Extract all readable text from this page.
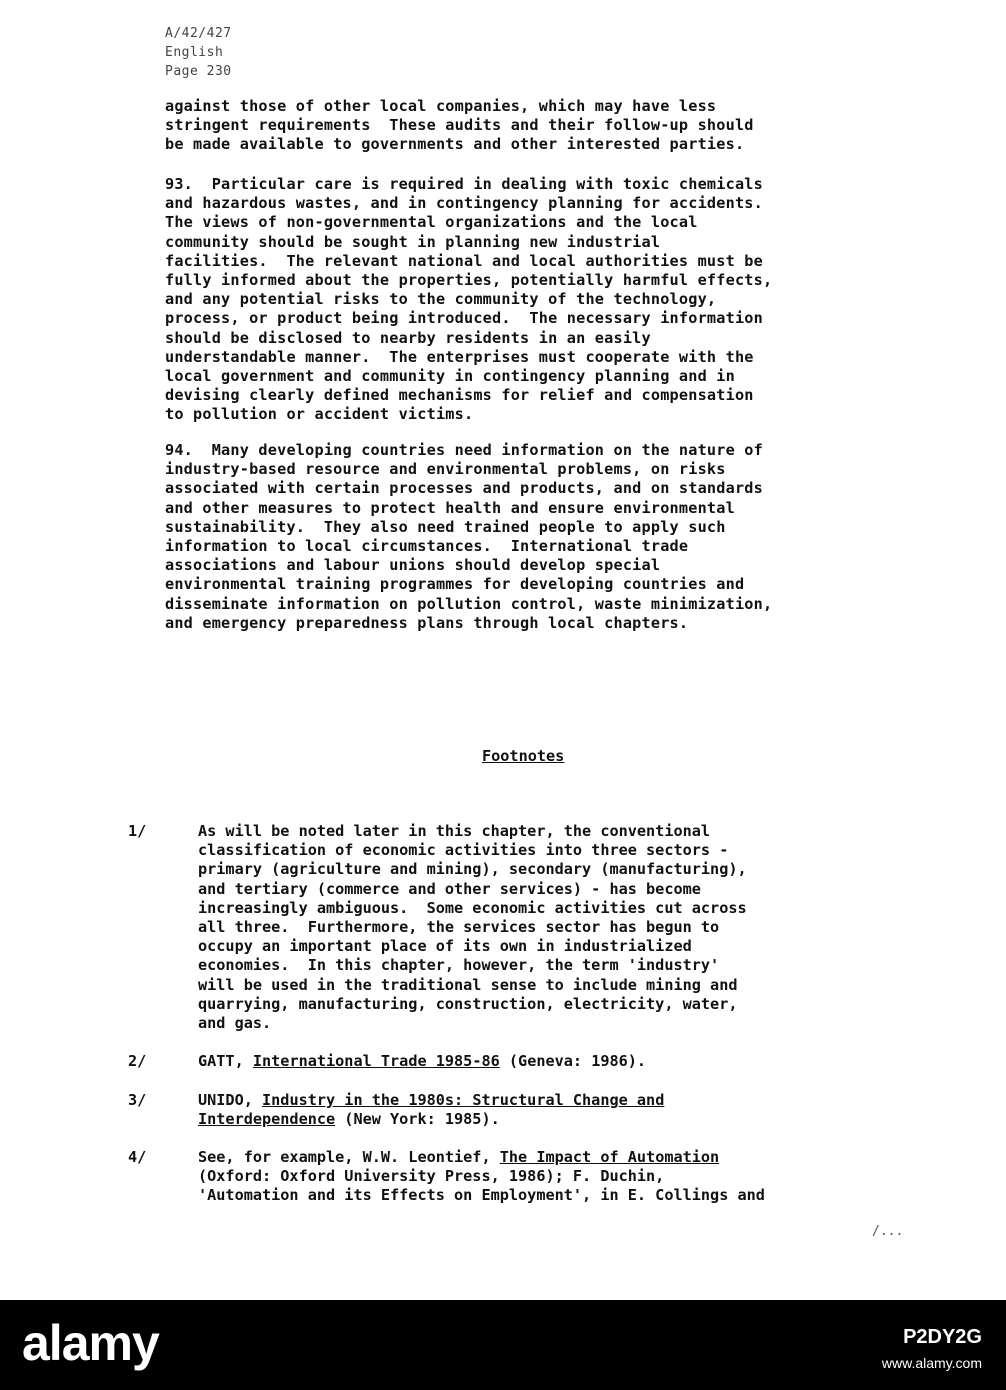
A/42/427
English
Page 230
against those of other local companies, which may have less
stringent requirements  These audits and their follow-up should
be made available to governments and other interested parties.
93.  Particular care is required in dealing with toxic chemicals
and hazardous wastes, and in contingency planning for accidents.
The views of non-governmental organizations and the local
community should be sought in planning new industrial
facilities.  The relevant national and local authorities must be
fully informed about the properties, potentially harmful effects,
and any potential risks to the community of the technology,
process, or product being introduced.  The necessary information
should be disclosed to nearby residents in an easily
understandable manner.  The enterprises must cooperate with the
local government and community in contingency planning and in
devising clearly defined mechanisms for relief and compensation
to pollution or accident victims.
94.  Many developing countries need information on the nature of
industry-based resource and environmental problems, on risks
associated with certain processes and products, and on standards
and other measures to protect health and ensure environmental
sustainability.  They also need trained people to apply such
information to local circumstances.  International trade
associations and labour unions should develop special
environmental training programmes for developing countries and
disseminate information on pollution control, waste minimization,
and emergency preparedness plans through local chapters.
Footnotes
1/	As will be noted later in this chapter, the conventional
classification of economic activities into three sectors -
primary (agriculture and mining), secondary (manufacturing),
and tertiary (commerce and other services) - has become
increasingly ambiguous.  Some economic activities cut across
all three.  Furthermore, the services sector has begun to
occupy an important place of its own in industrialized
economies.  In this chapter, however, the term 'industry'
will be used in the traditional sense to include mining and
quarrying, manufacturing, construction, electricity, water,
and gas.
2/	GATT, International Trade 1985-86 (Geneva: 1986).
3/	UNIDO, Industry in the 1980s: Structural Change and
Interdependence (New York: 1985).
4/	See, for example, W.W. Leontief, The Impact of Automation
(Oxford: Oxford University Press, 1986); F. Duchin,
'Automation and its Effects on Employment', in E. Collings and
/...
alamy	P2DY2G
www.alamy.com
